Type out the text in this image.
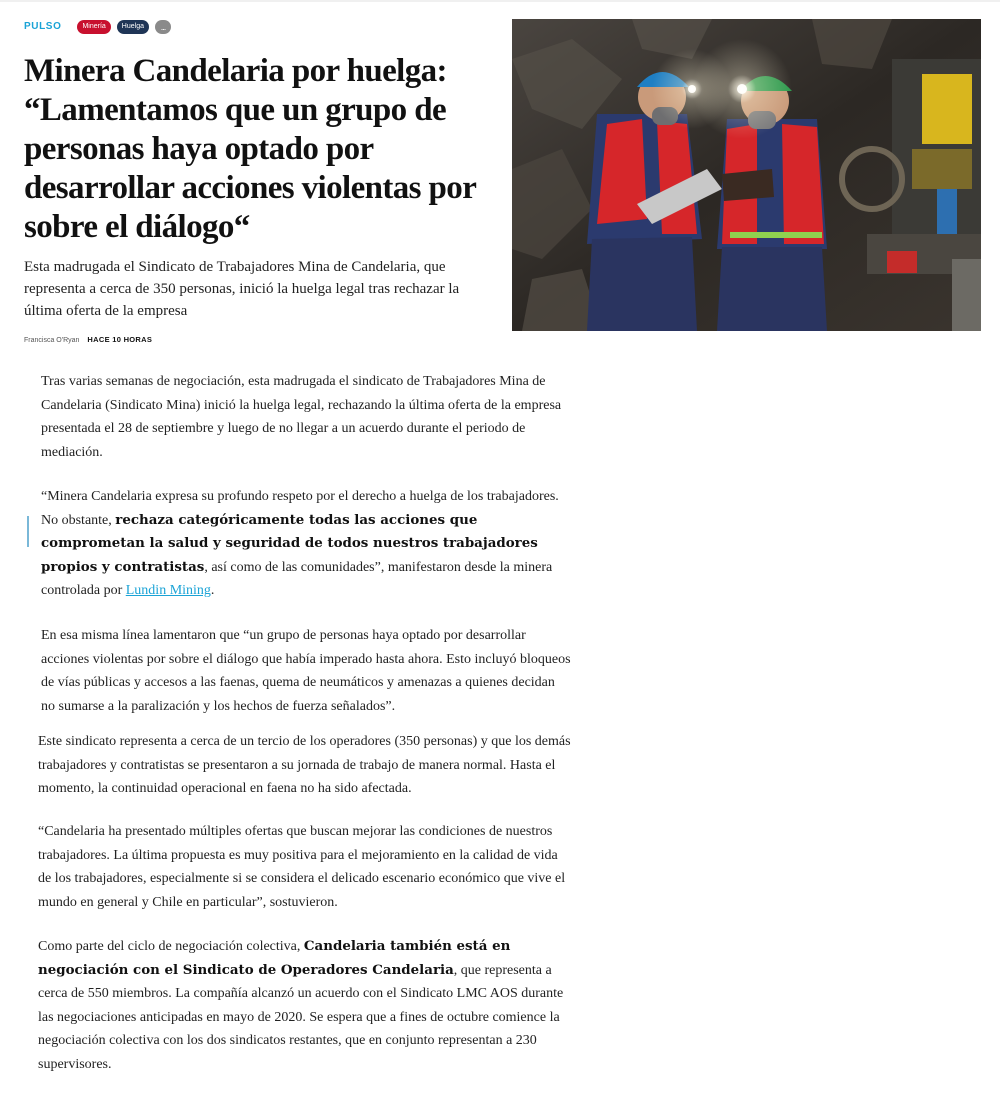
PULSO	Minería	Huelga	...
Minera Candelaria por huelga: “Lamentamos que un grupo de personas haya optado por desarrollar acciones violentas por sobre el diálogo“

Esta madrugada el Sindicato de Trabajadores Mina de Candelaria, que representa a cerca de 350 personas, inició la huelga legal tras rechazar la última oferta de la empresa

Francisca O'Ryan HACE 10 HORAS

Tras varias semanas de negociación, esta madrugada el sindicato de Trabajadores Mina de Candelaria (Sindicato Mina) inició la huelga legal, rechazando la última oferta de la empresa presentada el 28 de septiembre y luego de no llegar a un acuerdo durante el periodo de mediación.

“Minera Candelaria expresa su profundo respeto por el derecho a huelga de los trabajadores. No obstante, rechaza categóricamente todas las acciones que comprometan la salud y seguridad de todos nuestros trabajadores propios y contratistas, así como de las comunidades”, manifestaron desde la minera controlada por Lundin Mining.

En esa misma línea lamentaron que “un grupo de personas haya optado por desarrollar acciones violentas por sobre el diálogo que había imperado hasta ahora. Esto incluyó bloqueos de vías públicas y accesos a las faenas, quema de neumáticos y amenazas a quienes decidan no sumarse a la paralización y los hechos de fuerza señalados”.

Este sindicato representa a cerca de un tercio de los operadores (350 personas) y que los demás trabajadores y contratistas se presentaron a su jornada de trabajo de manera normal. Hasta el momento, la continuidad operacional en faena no ha sido afectada.

“Candelaria ha presentado múltiples ofertas que buscan mejorar las condiciones de nuestros trabajadores. La última propuesta es muy positiva para el mejoramiento en la calidad de vida de los trabajadores, especialmente si se considera el delicado escenario económico que vive el mundo en general y Chile en particular”, sostuvieron.

Como parte del ciclo de negociación colectiva, Candelaria también está en negociación con el Sindicato de Operadores Candelaria, que representa a cerca de 550 miembros. La compañía alcanzó un acuerdo con el Sindicato LMC AOS durante las negociaciones anticipadas en mayo de 2020. Se espera que a fines de octubre comience la negociación colectiva con los dos sindicatos restantes, que en conjunto representan a 230 supervisores.
